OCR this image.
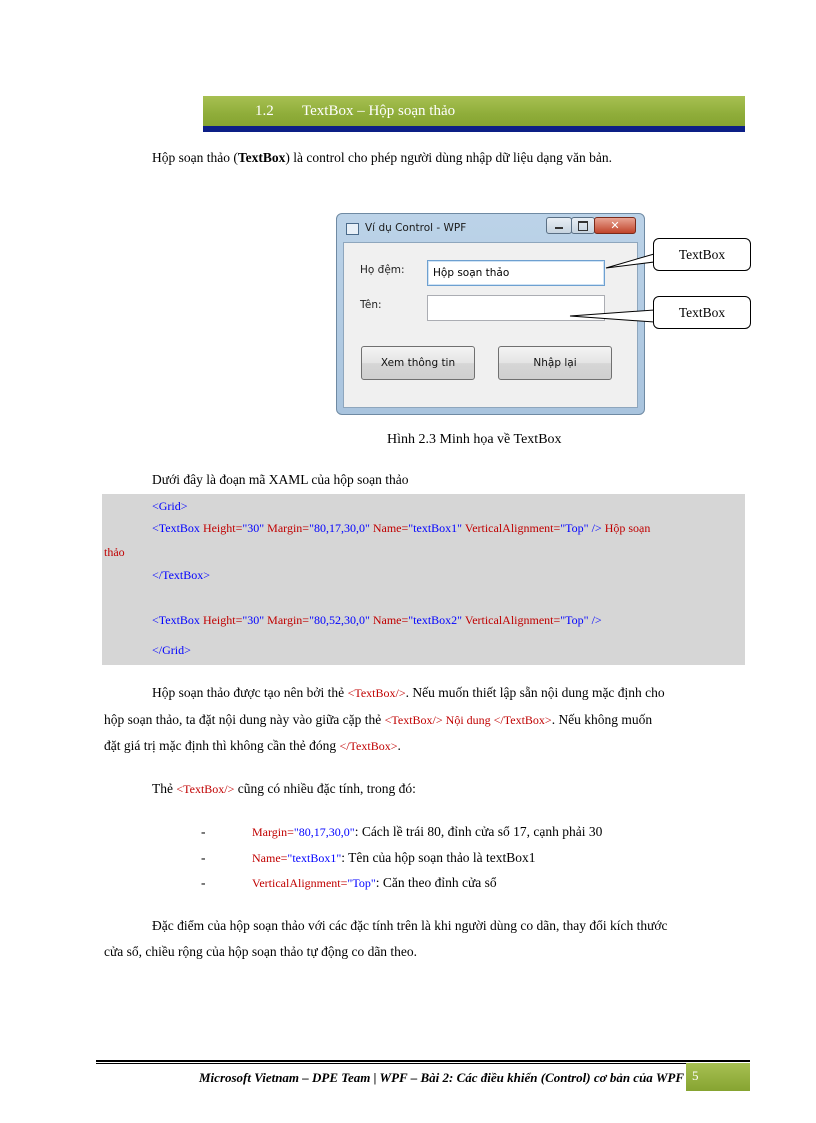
1.2 TextBox – Hộp soạn thảo
Hộp soạn thảo (TextBox) là control cho phép người dùng nhập dữ liệu dạng văn bản.
Ví dụ Control - WPF	✕
Họ đệm:	Hộp soạn thảo
Tên:
Xem thông tin	Nhập lại
TextBox
TextBox
Hình 2.3 Minh họa về TextBox
Dưới đây là đoạn mã XAML của hộp soạn thảo
<Grid>
<TextBox Height="30" Margin="80,17,30,0" Name="textBox1" VerticalAlignment="Top" /> Hộp soạn
thảo
</TextBox>
<TextBox Height="30" Margin="80,52,30,0" Name="textBox2" VerticalAlignment="Top" />
</Grid>
Hộp soạn thảo được tạo nên bởi thẻ <TextBox/>. Nếu muốn thiết lập sẵn nội dung mặc định cho
hộp soạn thảo, ta đặt nội dung này vào giữa cặp thẻ <TextBox/> Nội dung </TextBox>. Nếu không muốn
đặt giá trị mặc định thì không cần thẻ đóng </TextBox>.
Thẻ <TextBox/> cũng có nhiều đặc tính, trong đó:
-	Margin="80,17,30,0": Cách lề trái 80, đỉnh cửa sổ 17, cạnh phải 30
-	Name="textBox1": Tên của hộp soạn thảo là textBox1
-	VerticalAlignment="Top": Căn theo đỉnh cửa sổ
Đặc điểm của hộp soạn thảo với các đặc tính trên là khi người dùng co dãn, thay đổi kích thước
cửa sổ, chiều rộng của hộp soạn thảo tự động co dãn theo.
Microsoft Vietnam – DPE Team | WPF – Bài 2: Các điều khiển (Control) cơ bản của WPF 5
